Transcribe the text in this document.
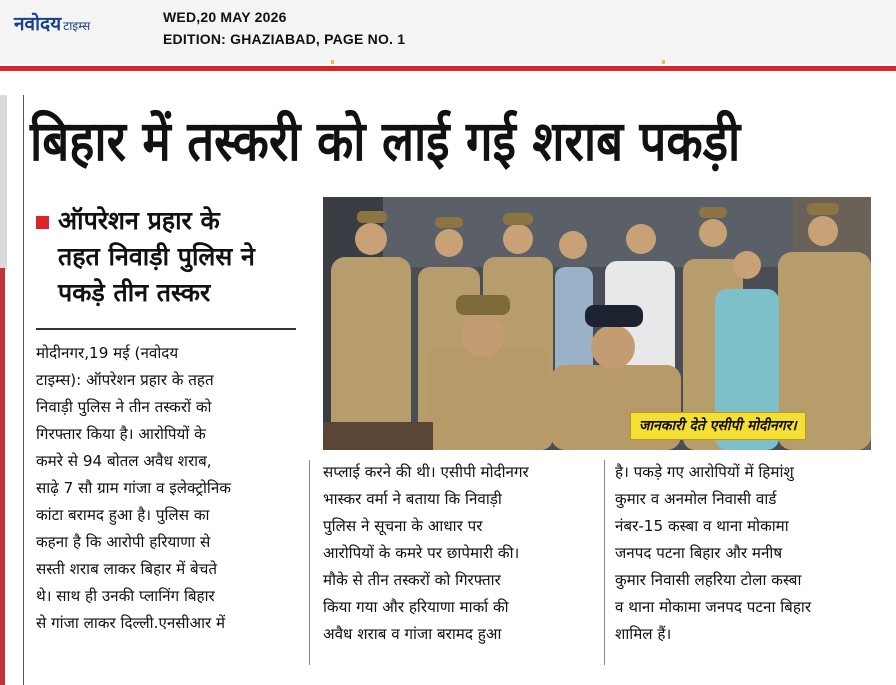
नवोदय टाइम्स
WED,20 MAY 2026
EDITION: GHAZIABAD, PAGE NO. 1
बिहार में तस्करी को लाई गई शराब पकड़ी
ऑपरेशन प्रहार के
तहत निवाड़ी पुलिस ने
पकड़े तीन तस्कर
जानकारी देते एसीपी मोदीनगर।
मोदीनगर,19 मई (नवोदय
टाइम्स): ऑपरेशन प्रहार के तहत
निवाड़ी पुलिस ने तीन तस्करों को
गिरफ्तार किया है। आरोपियों के
कमरे से 94 बोतल अवैध शराब,
साढ़े 7 सौ ग्राम गांजा व इलेक्ट्रोनिक
कांटा बरामद हुआ है। पुलिस का
कहना है कि आरोपी हरियाणा से
सस्ती शराब लाकर बिहार में बेचते
थे। साथ ही उनकी प्लानिंग बिहार
से गांजा लाकर दिल्ली.एनसीआर में
सप्लाई करने की थी। एसीपी मोदीनगर
भास्कर वर्मा ने बताया कि निवाड़ी
पुलिस ने सूचना के आधार पर
आरोपियों के कमरे पर छापेमारी की।
मौके से तीन तस्करों को गिरफ्तार
किया गया और हरियाणा मार्का की
अवैध शराब व गांजा बरामद हुआ
है। पकड़े गए आरोपियों में हिमांशु
कुमार व अनमोल निवासी वार्ड
नंबर-15 कस्बा व थाना मोकामा
जनपद पटना बिहार और मनीष
कुमार निवासी लहरिया टोला कस्बा
व थाना मोकामा जनपद पटना बिहार
शामिल हैं।
